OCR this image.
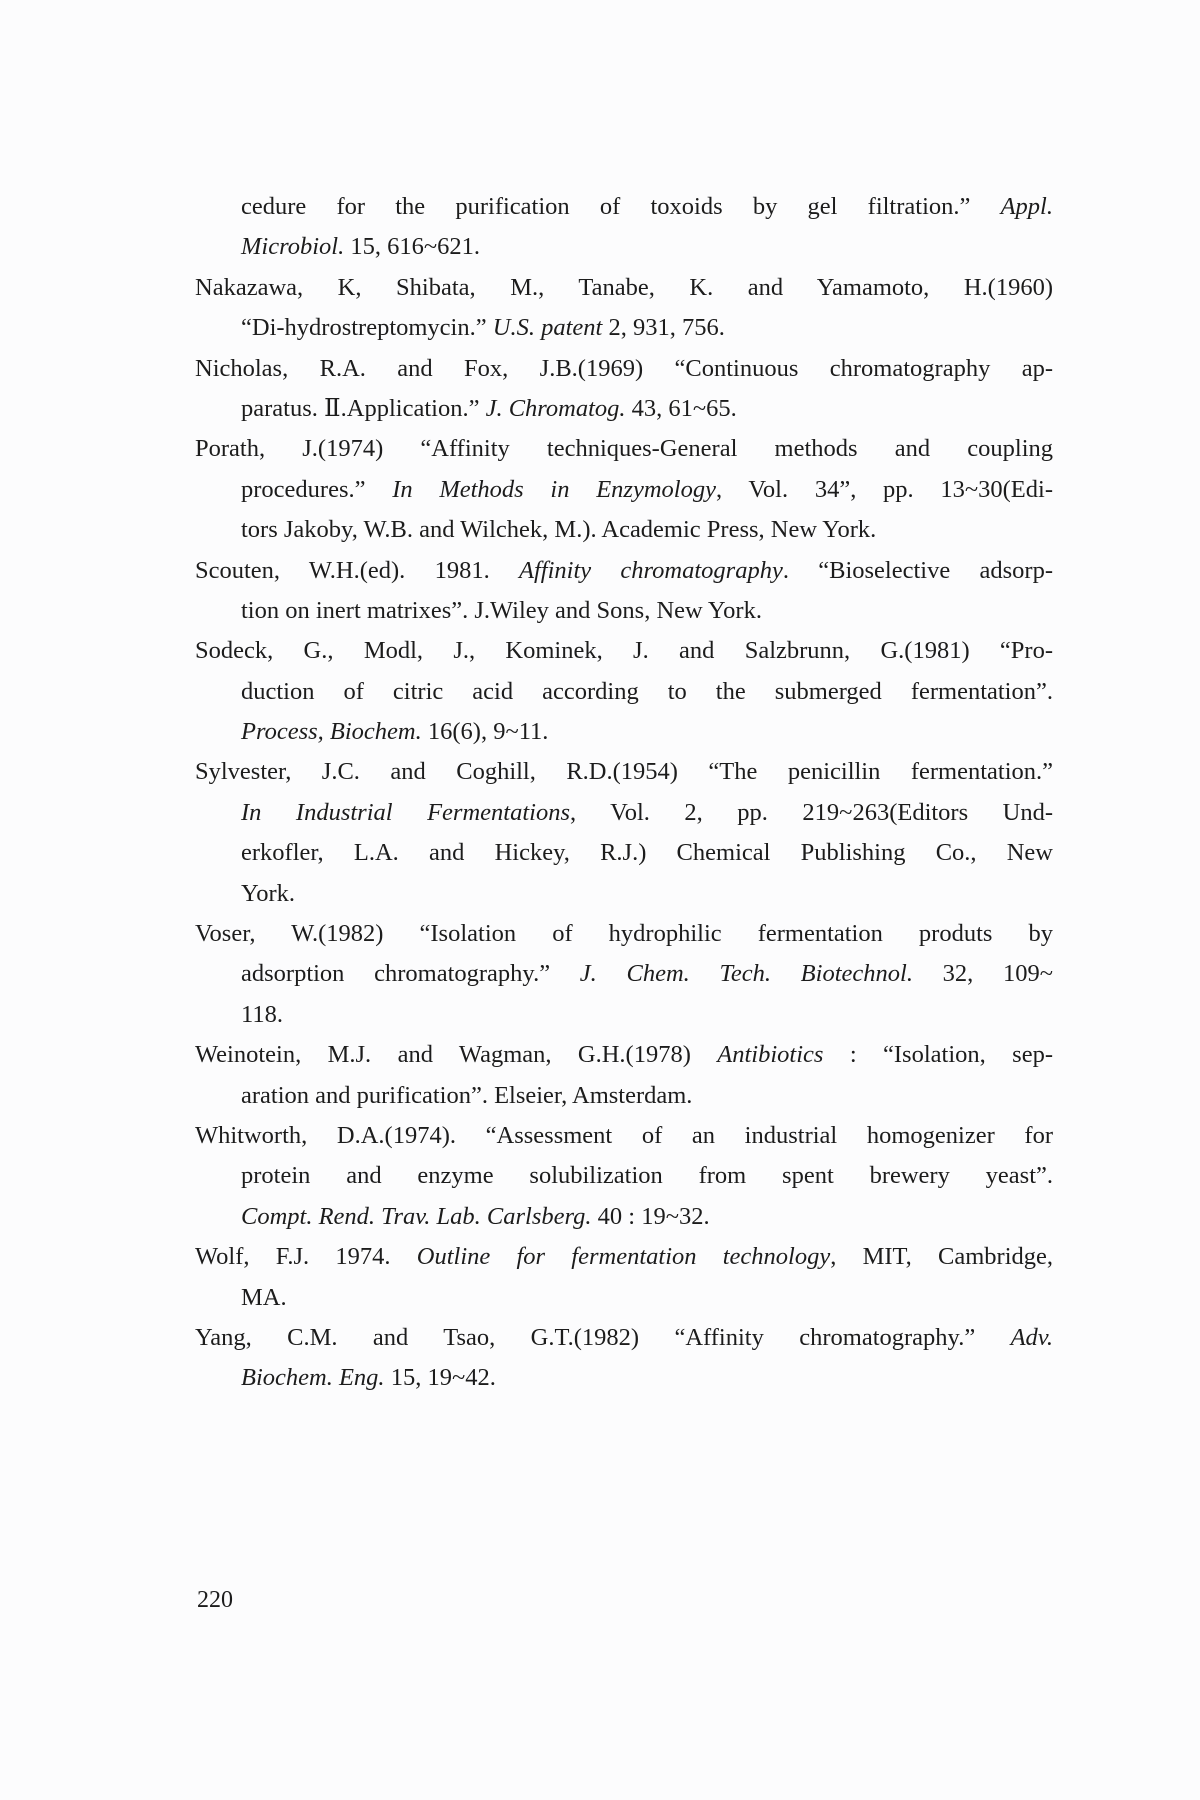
cedure for the purification of toxoids by gel filtration.” Appl.
Microbiol. 15, 616~621.
Nakazawa, K, Shibata, M., Tanabe, K. and Yamamoto, H.(1960)
“Di-hydrostreptomycin.” U.S. patent 2, 931, 756.
Nicholas, R.A. and Fox, J.B.(1969) “Continuous chromatography ap-
paratus. Ⅱ.Application.” J. Chromatog. 43, 61~65.
Porath, J.(1974) “Affinity techniques-General methods and coupling
procedures.” In Methods in Enzymology, Vol. 34”, pp. 13~30(Edi-
tors Jakoby, W.B. and Wilchek, M.). Academic Press, New York.
Scouten, W.H.(ed). 1981. Affinity chromatography. “Bioselective adsorp-
tion on inert matrixes”. J.Wiley and Sons, New York.
Sodeck, G., Modl, J., Kominek, J. and Salzbrunn, G.(1981) “Pro-
duction of citric acid according to the submerged fermentation”.
Process, Biochem. 16(6), 9~11.
Sylvester, J.C. and Coghill, R.D.(1954) “The penicillin fermentation.”
In Industrial Fermentations, Vol. 2, pp. 219~263(Editors Und-
erkofler, L.A. and Hickey, R.J.) Chemical Publishing Co., New
York.
Voser, W.(1982) “Isolation of hydrophilic fermentation produts by
adsorption chromatography.” J. Chem. Tech. Biotechnol. 32, 109~
118.
Weinotein, M.J. and Wagman, G.H.(1978) Antibiotics : “Isolation, sep-
aration and purification”. Elseier, Amsterdam.
Whitworth, D.A.(1974). “Assessment of an industrial homogenizer for
protein and enzyme solubilization from spent brewery yeast”.
Compt. Rend. Trav. Lab. Carlsberg. 40 : 19~32.
Wolf, F.J. 1974. Outline for fermentation technology, MIT, Cambridge,
MA.
Yang, C.M. and Tsao, G.T.(1982) “Affinity chromatography.” Adv.
Biochem. Eng. 15, 19~42.
220
